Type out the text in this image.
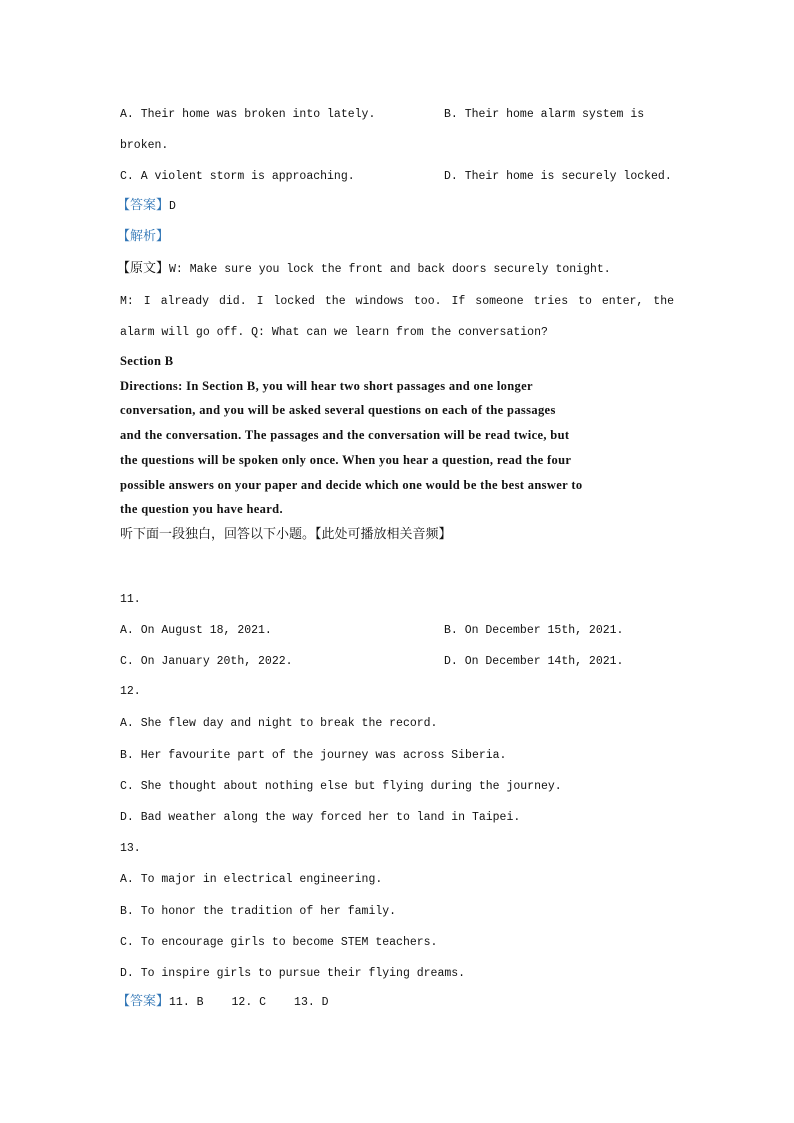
A. Their home was broken into lately.	B. Their home alarm system is
broken.
C. A violent storm is approaching.	D. Their home is securely locked.
【答案】D
【解析】
【原文】W: Make sure you lock the front and back doors securely tonight.
M: I already did. I locked the windows too. If someone tries to enter, the
alarm will go off. Q: What can we learn from the conversation?
Section B
Directions: In Section B, you will hear two short passages and one longer
conversation, and you will be asked several questions on each of the passages
and the conversation. The passages and the conversation will be read twice, but
the questions will be spoken only once. When you hear a question, read the four
possible answers on your paper and decide which one would be the best answer to
the question you have heard.
听下面一段独白，回答以下小题。【此处可播放相关音频】
11.
A. On August 18, 2021.	B. On December 15th, 2021.
C. On January 20th, 2022.	D. On December 14th, 2021.
12.
A. She flew day and night to break the record.
B. Her favourite part of the journey was across Siberia.
C. She thought about nothing else but flying during the journey.
D. Bad weather along the way forced her to land in Taipei.
13.
A. To major in electrical engineering.
B. To honor the tradition of her family.
C. To encourage girls to become STEM teachers.
D. To inspire girls to pursue their flying dreams.
【答案】11. B 12. C 13. D
